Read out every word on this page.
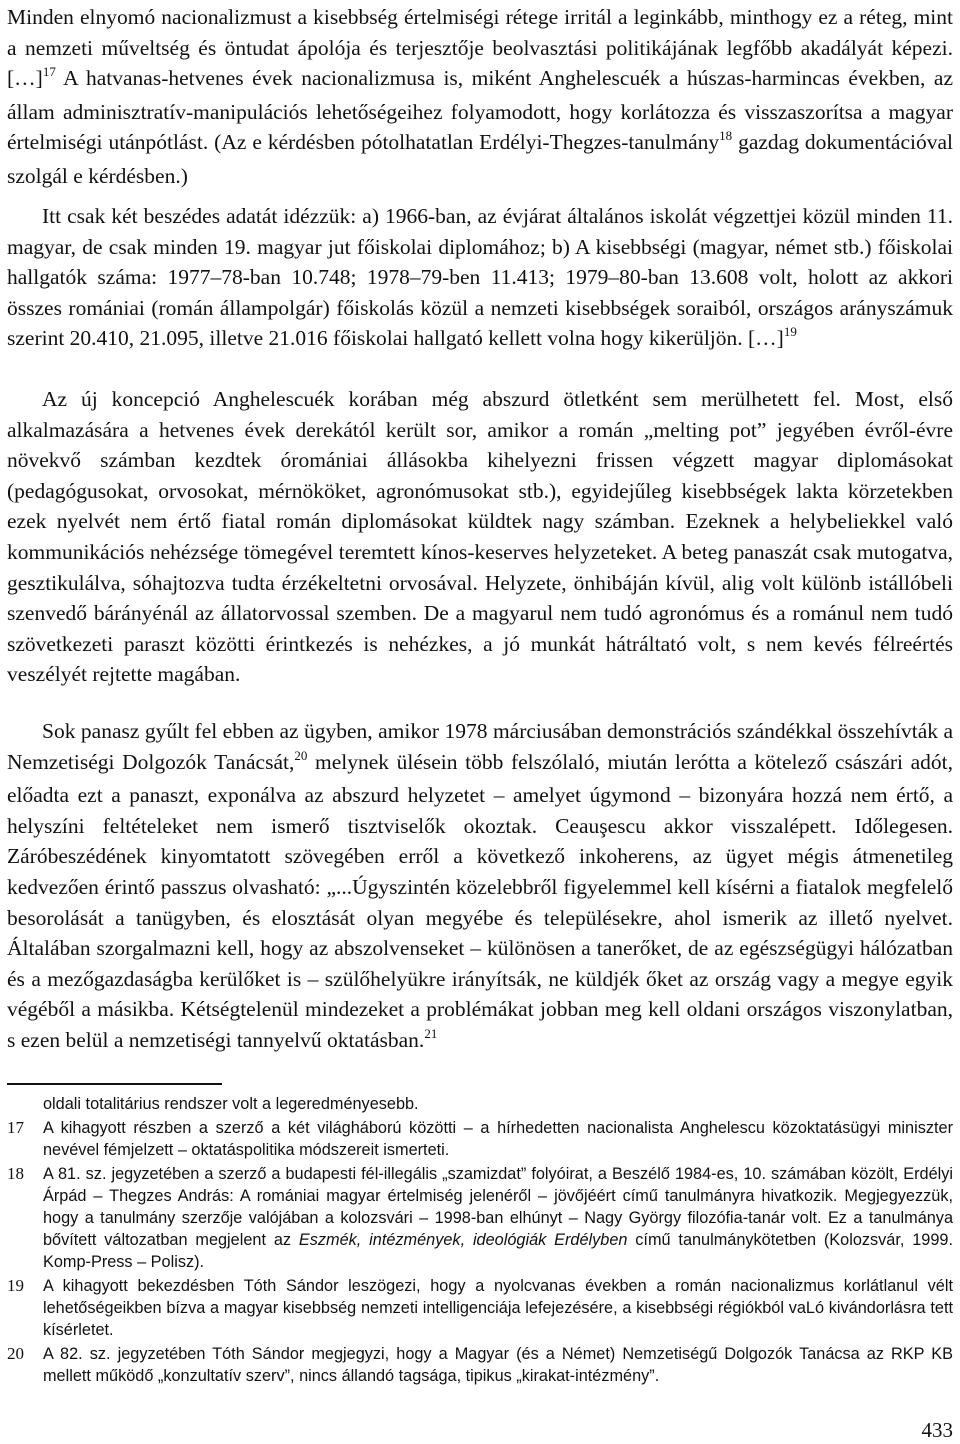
Minden elnyomó nacionalizmust a kisebbség értelmiségi rétege irritál a leginkább, minthogy ez a réteg, mint a nemzeti műveltség és öntudat ápolója és terjesztője beolvasztási politikájának legfőbb akadályát képezi. […]$^{17}$ A hatvanas-hetvenes évek nacionalizmusa is, miként Anghelescuék a húszas-harmincas években, az állam adminisztratív-manipulációs lehetőségeihez folyamodott, hogy korlátozza és visszaszorítsa a magyar értelmiségi utánpótlást. (Az e kérdésben pótolhatatlan Erdélyi-Thegzes-tanulmány$^{18}$ gazdag dokumentációval szolgál e kérdésben.)

Itt csak két beszédes adatát idézzük: a) 1966-ban, az évjárat általános iskolát végzettjei közül minden 11. magyar, de csak minden 19. magyar jut főiskolai diplomához; b) A kisebbségi (magyar, német stb.) főiskolai hallgatók száma: 1977–78-ban 10.748; 1978–79-ben 11.413; 1979–80-ban 13.608 volt, holott az akkori összes romániai (román állampolgár) főiskolás közül a nemzeti kisebbségek soraiból, országos arányszámuk szerint 20.410, 21.095, illetve 21.016 főiskolai hallgató kellett volna hogy kikerüljön. […]$^{19}$

Az új koncepció Anghelescuék korában még abszurd ötletként sem merülhetett fel. Most, első alkalmazására a hetvenes évek derekától került sor, amikor a román „melting pot” jegyében évről-évre növekvő számban kezdtek óromániai állásokba kihelyezni frissen végzett magyar diplomásokat (pedagógusokat, orvosokat, mérnököket, agronómusokat stb.), egyidejűleg kisebbségek lakta körzetekben ezek nyelvét nem értő fiatal román diplomásokat küldtek nagy számban. Ezeknek a helybeliekkel való kommunikációs nehézsége tömegével teremtett kínos-keserves helyzeteket. A beteg panaszát csak mutogatva, gesztikulálva, sóhajtozva tudta érzékeltetni orvosával. Helyzete, önhibáján kívül, alig volt különb istállóbeli szenvedő bárányénál az állatorvossal szemben. De a magyarul nem tudó agronómus és a románul nem tudó szövetkezeti paraszt közötti érintkezés is nehézkes, a jó munkát hátráltató volt, s nem kevés félreértés veszélyét rejtette magában.

Sok panasz gyűlt fel ebben az ügyben, amikor 1978 márciusában demonstrációs szándékkal összehívták a Nemzetiségi Dolgozók Tanácsát,$^{20}$ melynek ülésein több felszólaló, miután lerótta a kötelező császári adót, előadta ezt a panaszt, exponálva az abszurd helyzetet – amelyet úgymond – bizonyára hozzá nem értő, a helyszíni feltételeket nem ismerő tisztviselők okoztak. Ceauşescu akkor visszalépett. Időlegesen. Záróbeszédének kinyomtatott szövegében erről a következő inkoherens, az ügyet mégis átmenetileg kedvezően érintő passzus olvasható: „...Úgyszintén közelebbről figyelemmel kell kísérni a fiatalok megfelelő besorolását a tanügyben, és elosztását olyan megyébe és településekre, ahol ismerik az illető nyelvet. Általában szorgalmazni kell, hogy az abszolvenseket – különösen a tanerőket, de az egészségügyi hálózatban és a mezőgazdaságba kerülőket is – szülőhelyükre irányítsák, ne küldjék őket az ország vagy a megye egyik végéből a másikba. Kétségtelenül mindezeket a problémákat jobban meg kell oldani országos viszonylatban, s ezen belül a nemzetiségi tannyelvű oktatásban.$^{21}$

oldali totalitárius rendszer volt a legeredményesebb.
17	A kihagyott részben a szerző a két világháború közötti – a hírhedetten nacionalista Anghelescu közoktatásügyi miniszter nevével fémjelzett – oktatáspolitika módszereit ismerteti.
18	A 81. sz. jegyzetében a szerző a budapesti fél-illegális „szamizdat” folyóirat, a Beszélő 1984-es, 10. számában közölt, Erdélyi Árpád – Thegzes András: A romániai magyar értelmiség jelenéről – jövőjéért című tanulmányra hivatkozik. Megjegyezzük, hogy a tanulmány szerzője valójában a kolozsvári – 1998-ban elhúnyt – Nagy György filozófia-tanár volt. Ez a tanulmánya bővített változatban megjelent az Eszmék, intézmények, ideológiák Erdélyben című tanulmánykötetben (Kolozsvár, 1999. Komp-Press – Polisz).
19	A kihagyott bekezdésben Tóth Sándor leszögezi, hogy a nyolcvanas években a román nacionalizmus korlátlanul vélt lehetőségeikben bízva a magyar kisebbség nemzeti intelligenciája lefejezésére, a kisebbségi régiókból vaLó kivándorlásra tett kísérletet.
20	A 82. sz. jegyzetében Tóth Sándor megjegyzi, hogy a Magyar (és a Német) Nemzetiségű Dolgozók Tanácsa az RKP KB mellett működő „konzultatív szerv”, nincs állandó tagsága, tipikus „kirakat-intézmény”.
433
